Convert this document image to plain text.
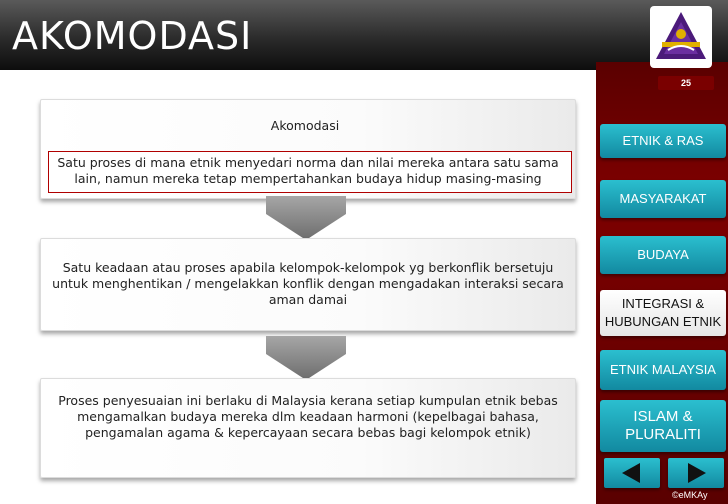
AKOMODASI
25
Akomodasi
Satu proses di mana etnik menyedari norma dan nilai mereka antara satu sama lain, namun mereka tetap mempertahankan budaya hidup masing-masing
Satu keadaan atau proses apabila kelompok-kelompok yg berkonflik bersetuju untuk menghentikan / mengelakkan konflik dengan mengadakan interaksi secara aman damai
Proses penyesuaian ini berlaku di Malaysia kerana setiap kumpulan etnik bebas mengamalkan budaya mereka dlm keadaan harmoni (kepelbagai bahasa, pengamalan agama & kepercayaan secara bebas bagi kelompok etnik)
ETNIK & RAS
MASYARAKAT
BUDAYA
INTEGRASI & HUBUNGAN ETNIK
ETNIK MALAYSIA
ISLAM & PLURALITI
©eMKAy
